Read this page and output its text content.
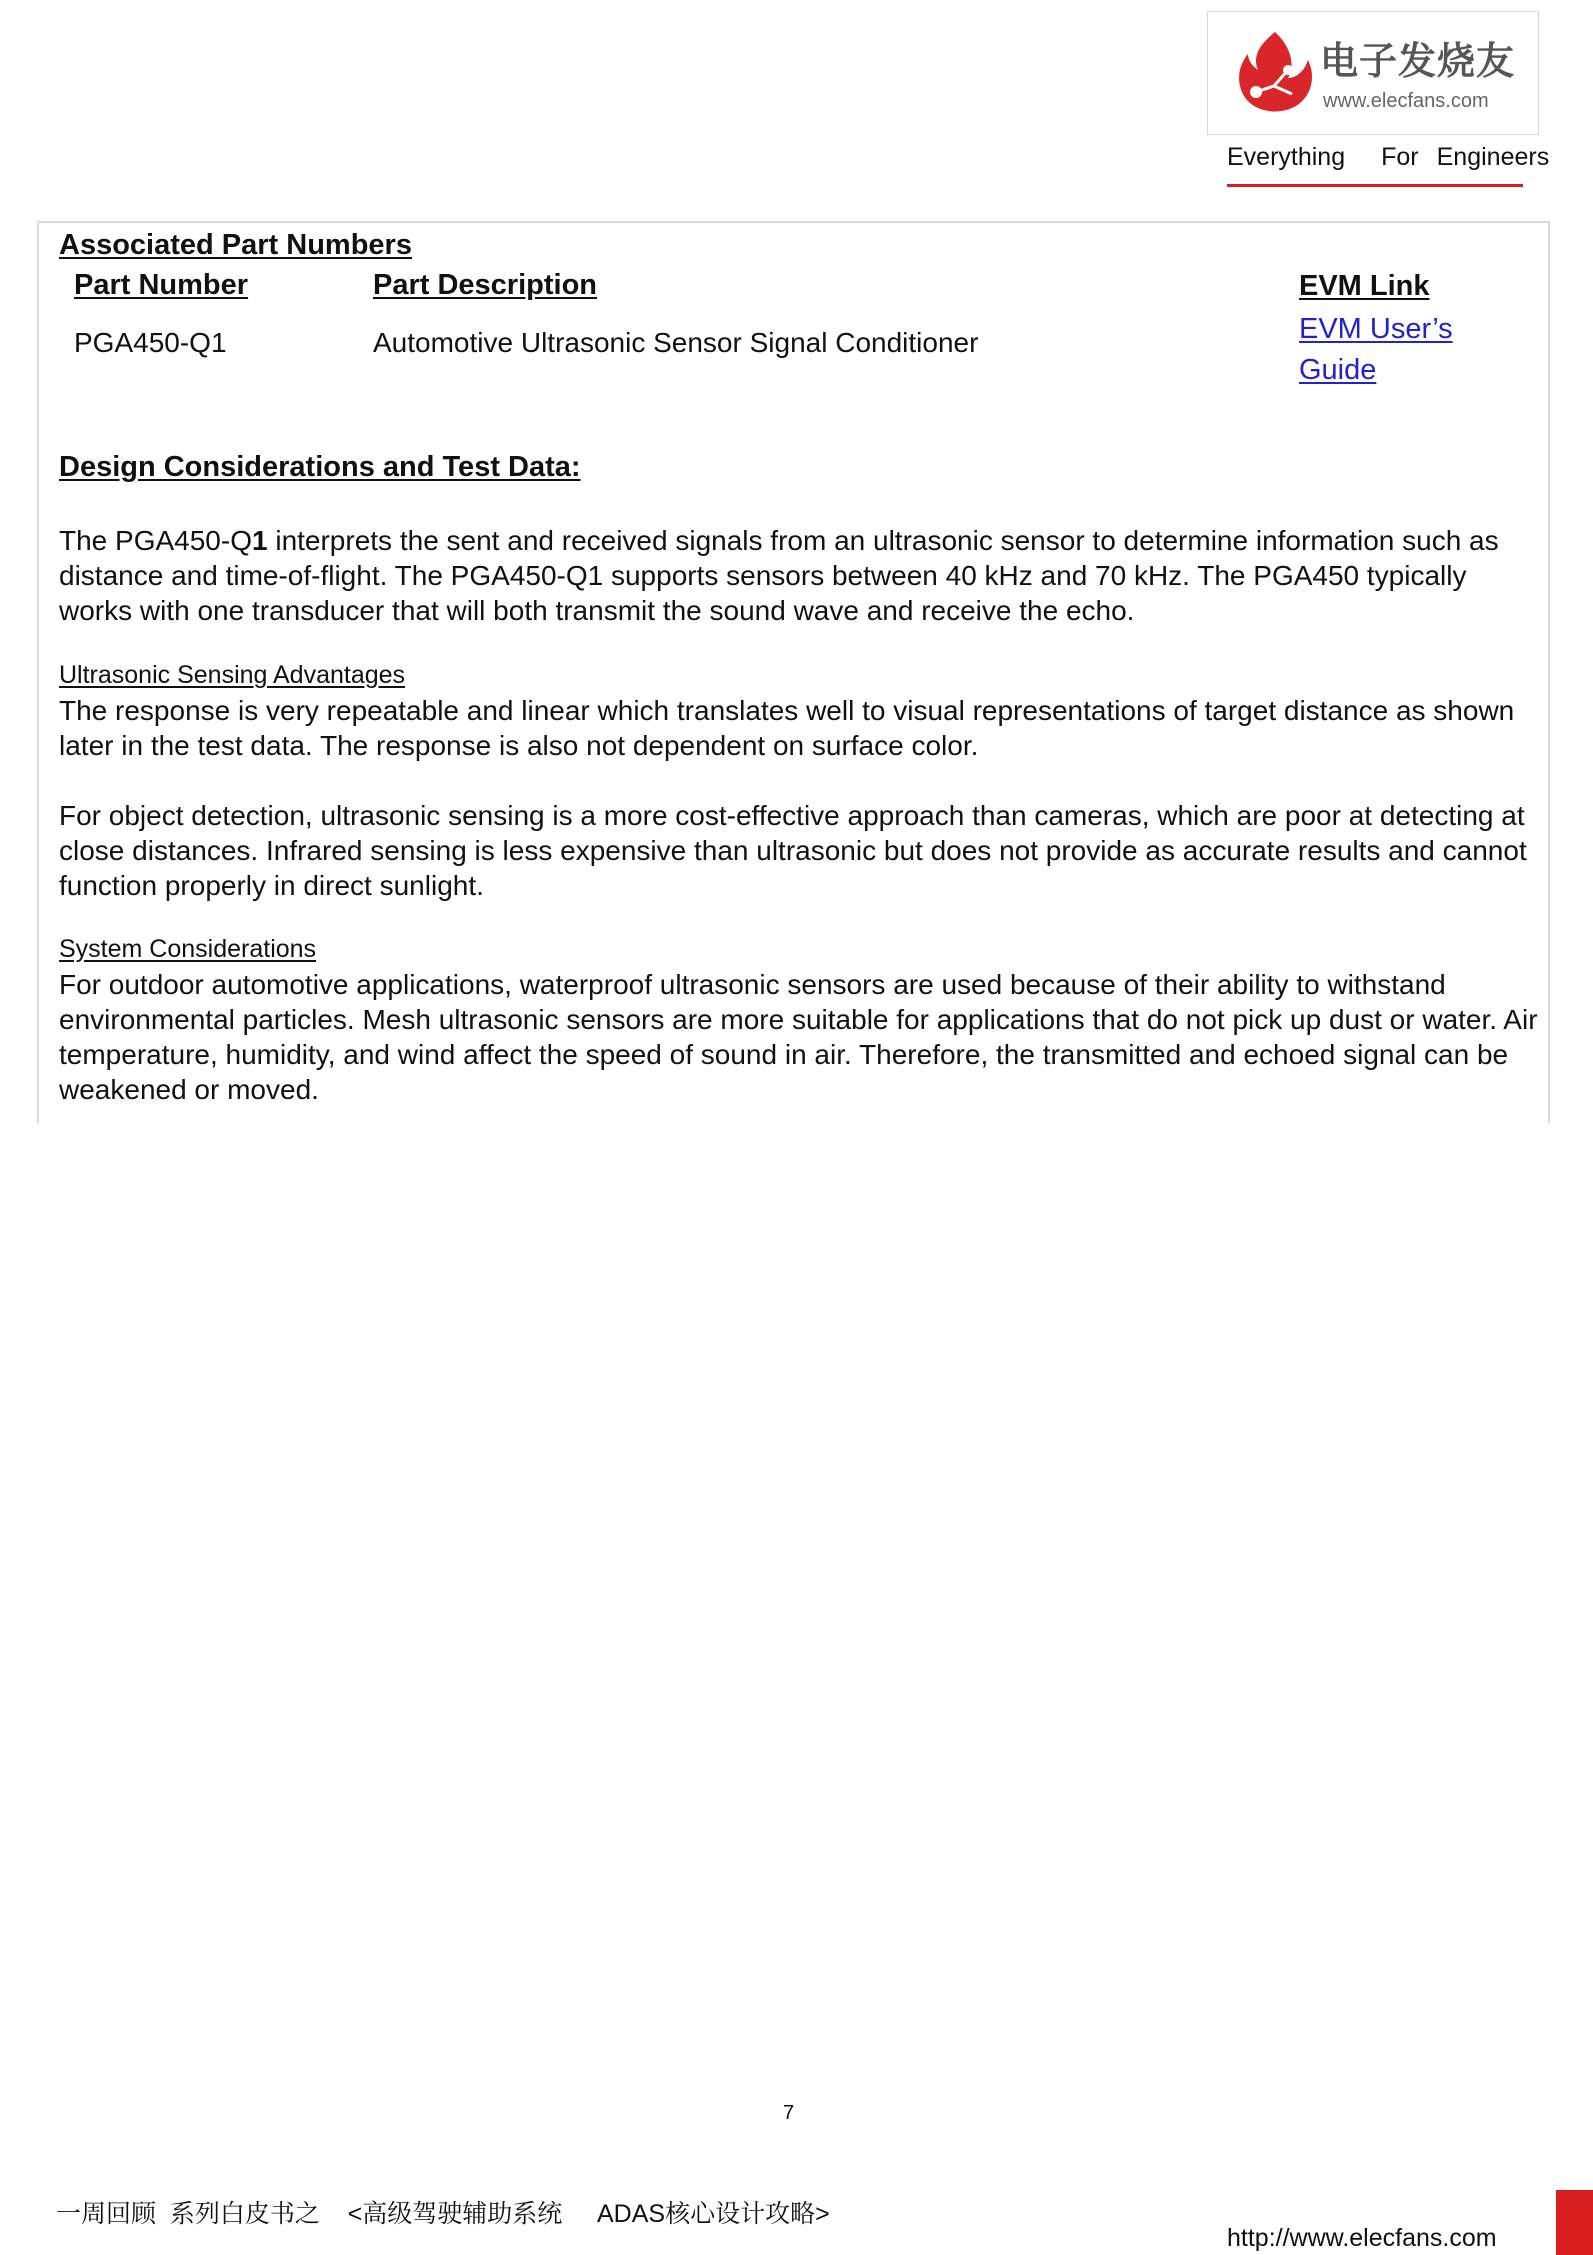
电子发烧友
www.elecfans.com
Everything For Engineers
Associated Part Numbers
Part Number	Part Description	EVM Link
PGA450-Q1	Automotive Ultrasonic Sensor Signal Conditioner	EVM User’s
Guide
Design Considerations and Test Data:
The PGA450-Q1 interprets the sent and received signals from an ultrasonic sensor to determine information such as distance and time-of-flight. The PGA450-Q1 supports sensors between 40 kHz and 70 kHz. The PGA450 typically works with one transducer that will both transmit the sound wave and receive the echo.
Ultrasonic Sensing Advantages
The response is very repeatable and linear which translates well to visual representations of target distance as shown later in the test data. The response is also not dependent on surface color.
For object detection, ultrasonic sensing is a more cost-effective approach than cameras, which are poor at detecting at close distances. Infrared sensing is less expensive than ultrasonic but does not provide as accurate results and cannot function properly in direct sunlight.
System Considerations
For outdoor automotive applications, waterproof ultrasonic sensors are used because of their ability to withstand environmental particles. Mesh ultrasonic sensors are more suitable for applications that do not pick up dust or water. Air temperature, humidity, and wind affect the speed of sound in air. Therefore, the transmitted and echoed signal can be weakened or moved.
7
一周回顾  系列白皮书之    <高级驾驶辅助系统     ADAS核心设计攻略>
http://www.elecfans.com
